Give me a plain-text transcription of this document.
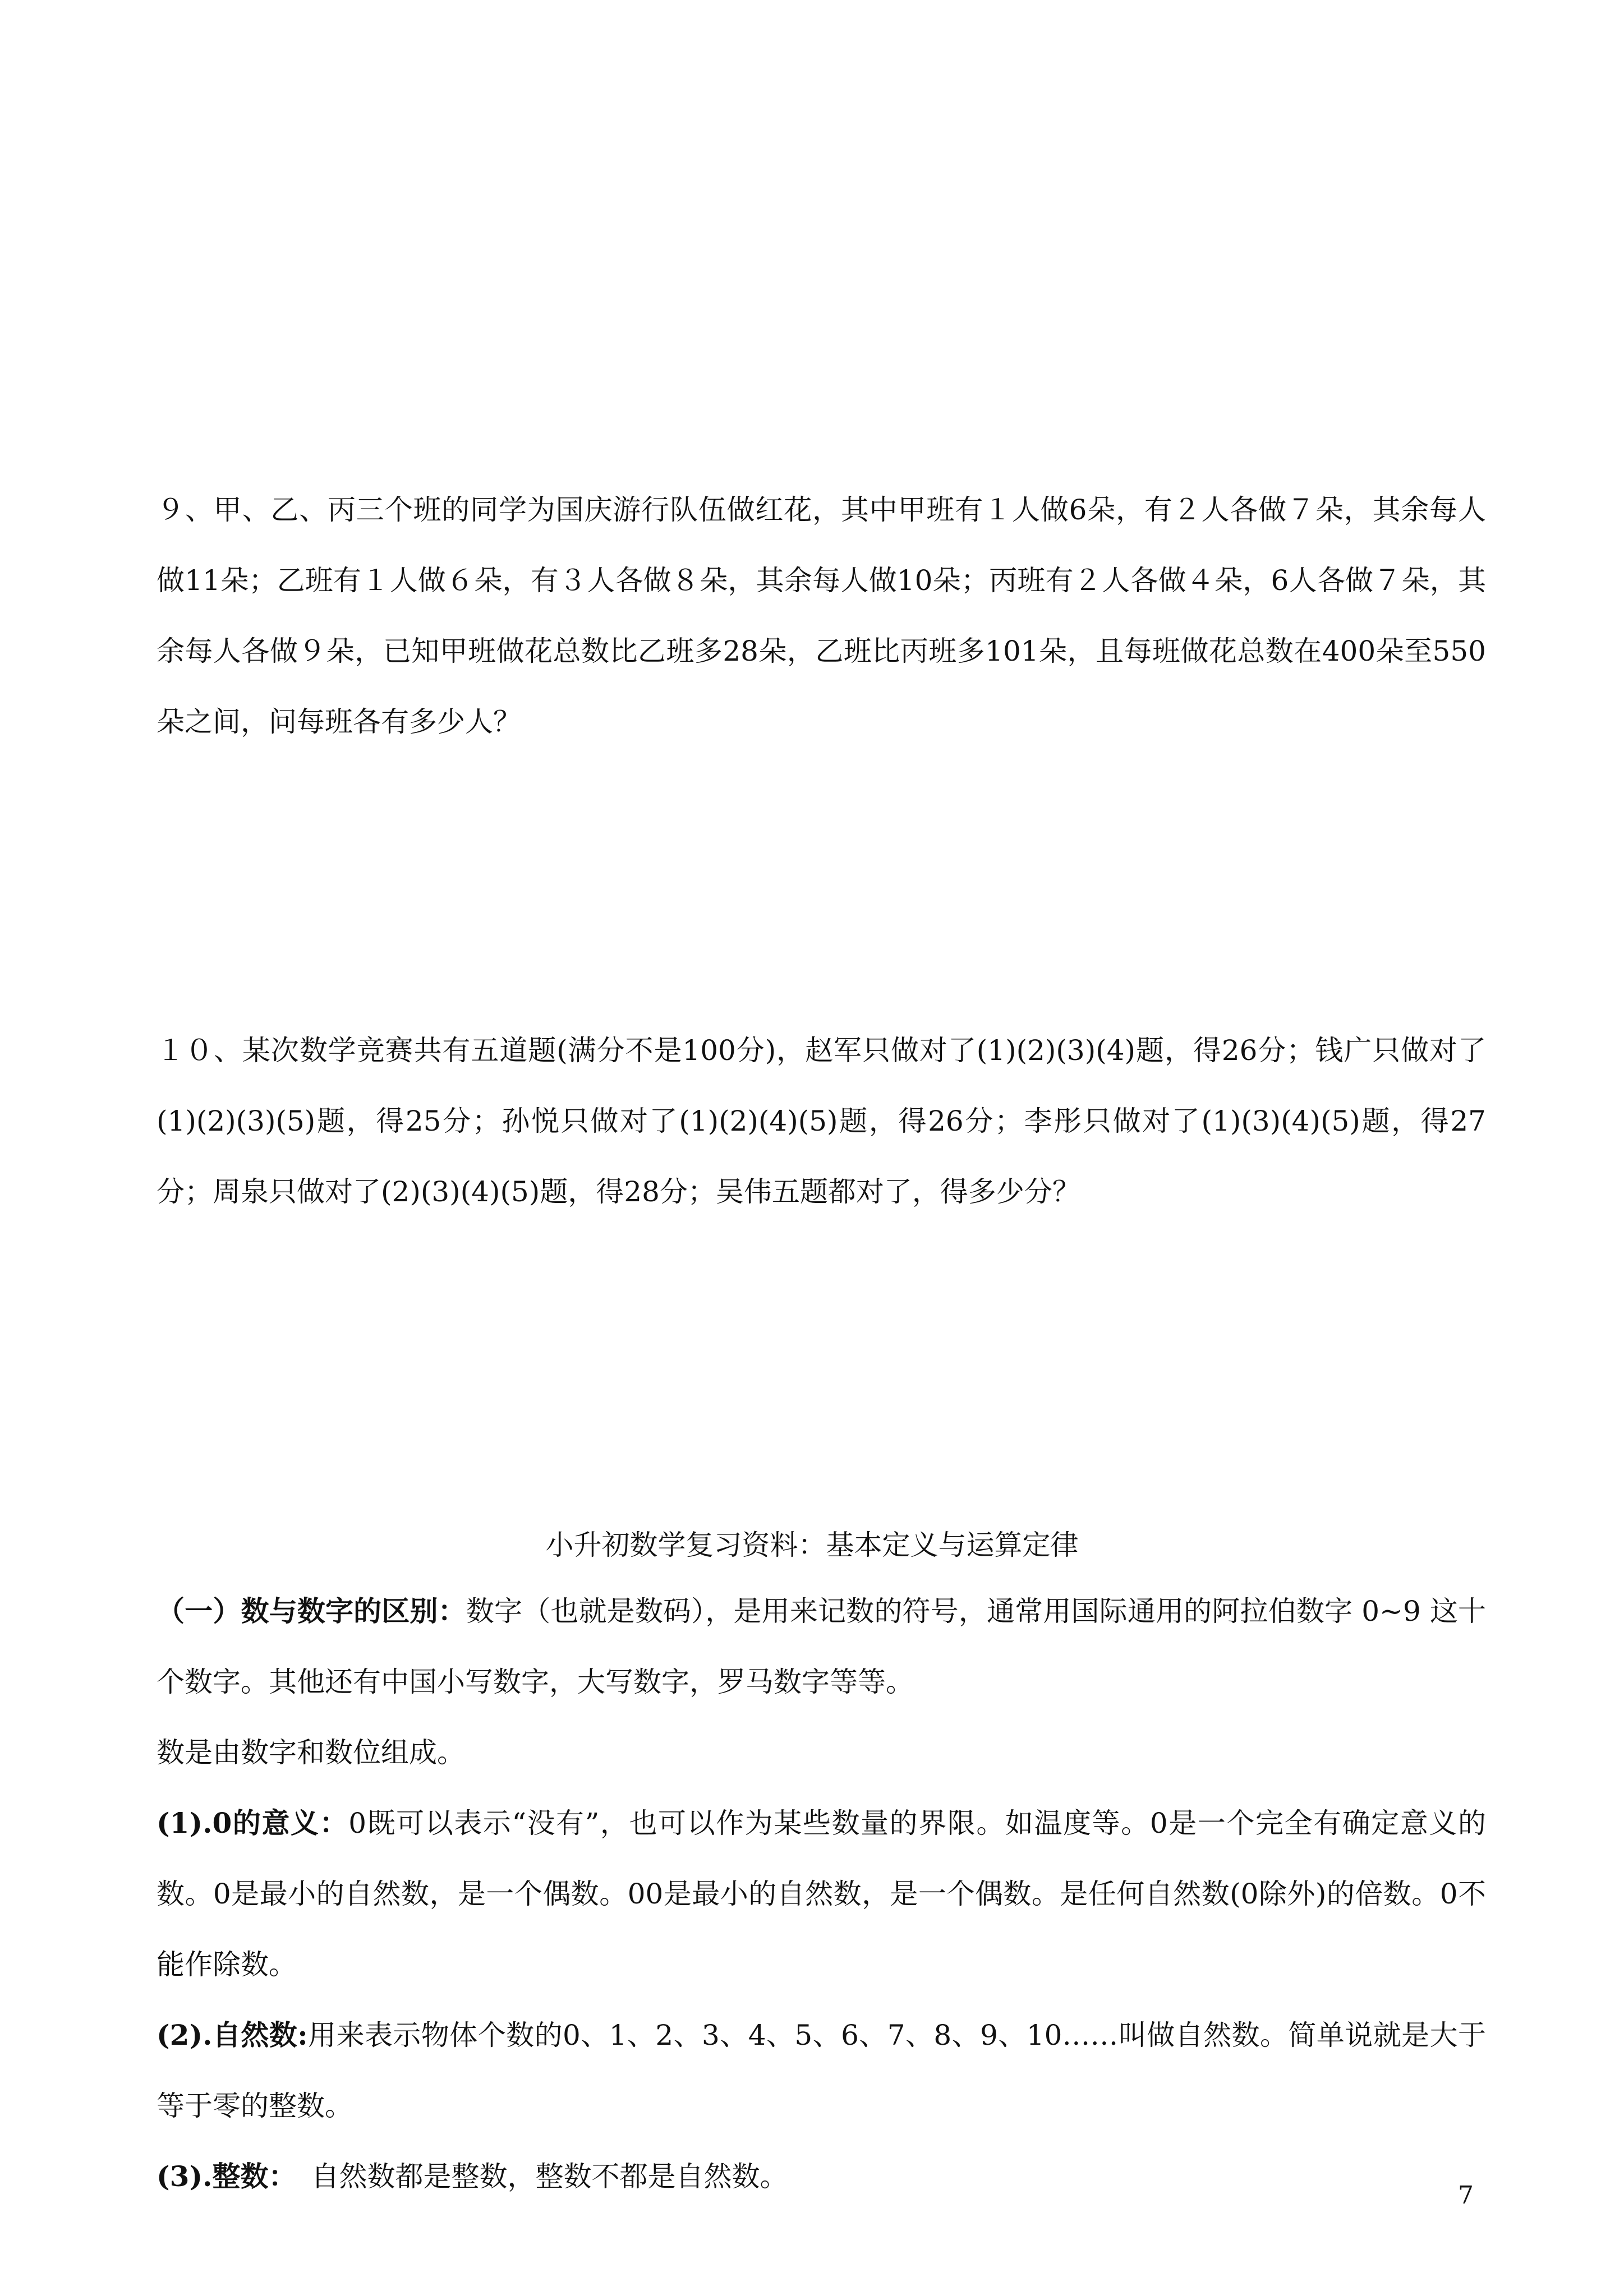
９、甲、乙、丙三个班的同学为国庆游行队伍做红花，其中甲班有１人做6朵，有２人各做７朵，其余每人做11朵；乙班有１人做６朵，有３人各做８朵，其余每人做10朵；丙班有２人各做４朵，6人各做７朵，其余每人各做９朵，已知甲班做花总数比乙班多28朵，乙班比丙班多101朵，且每班做花总数在400朵至550朵之间，问每班各有多少人？

１０、某次数学竞赛共有五道题(满分不是100分)，赵军只做对了(1)(2)(3)(4)题，得26分；钱广只做对了(1)(2)(3)(5)题，得25分；孙悦只做对了(1)(2)(4)(5)题，得26分；李彤只做对了(1)(3)(4)(5)题，得27分；周泉只做对了(2)(3)(4)(5)题，得28分；吴伟五题都对了，得多少分？

小升初数学复习资料：基本定义与运算定律

（一）数与数字的区别：数字（也就是数码），是用来记数的符号，通常用国际通用的阿拉伯数字 0~9 这十个数字。其他还有中国小写数字，大写数字，罗马数字等等。

数是由数字和数位组成。

(1).0的意义：0既可以表示“没有”，也可以作为某些数量的界限。如温度等。0是一个完全有确定意义的数。0是最小的自然数，是一个偶数。00是最小的自然数，是一个偶数。是任何自然数(0除外)的倍数。0不能作除数。

(2).自然数:用来表示物体个数的0、1、2、3、4、5、6、7、8、9、10……叫做自然数。简单说就是大于等于零的整数。

(3).整数： 自然数都是整数，整数不都是自然数。

7
